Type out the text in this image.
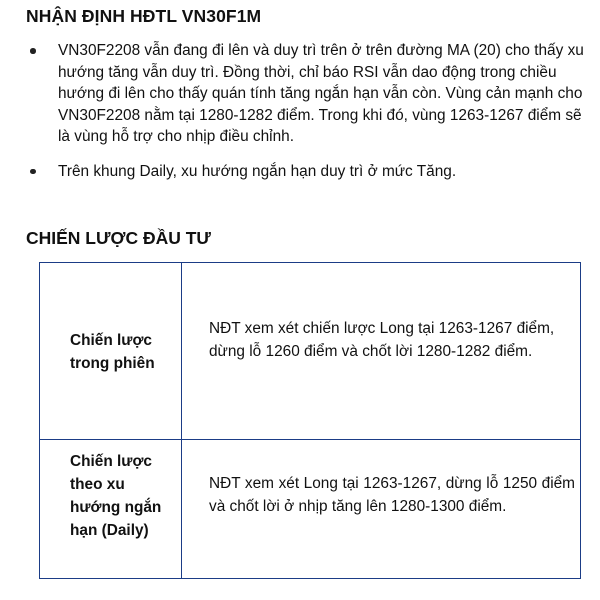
NHẬN ĐỊNH HĐTL VN30F1M
VN30F2208 vẫn đang đi lên và duy trì trên ở trên đường MA (20) cho thấy xu hướng tăng vẫn duy trì. Đồng thời, chỉ báo RSI vẫn dao động trong chiều hướng đi lên cho thấy quán tính tăng ngắn hạn vẫn còn. Vùng cản mạnh cho VN30F2208 nằm tại 1280-1282 điểm. Trong khi đó, vùng 1263-1267 điểm sẽ là vùng hỗ trợ cho nhịp điều chỉnh.
Trên khung Daily, xu hướng ngắn hạn duy trì ở mức Tăng.
CHIẾN LƯỢC ĐẦU TƯ
Chiến lược trong phiên
NĐT xem xét chiến lược Long tại 1263-1267 điểm, dừng lỗ 1260 điểm và chốt lời 1280-1282 điểm.
Chiến lược theo xu hướng ngắn hạn (Daily)
NĐT xem xét Long tại 1263-1267, dừng lỗ 1250 điểm và chốt lời ở nhịp tăng lên 1280-1300 điểm.
